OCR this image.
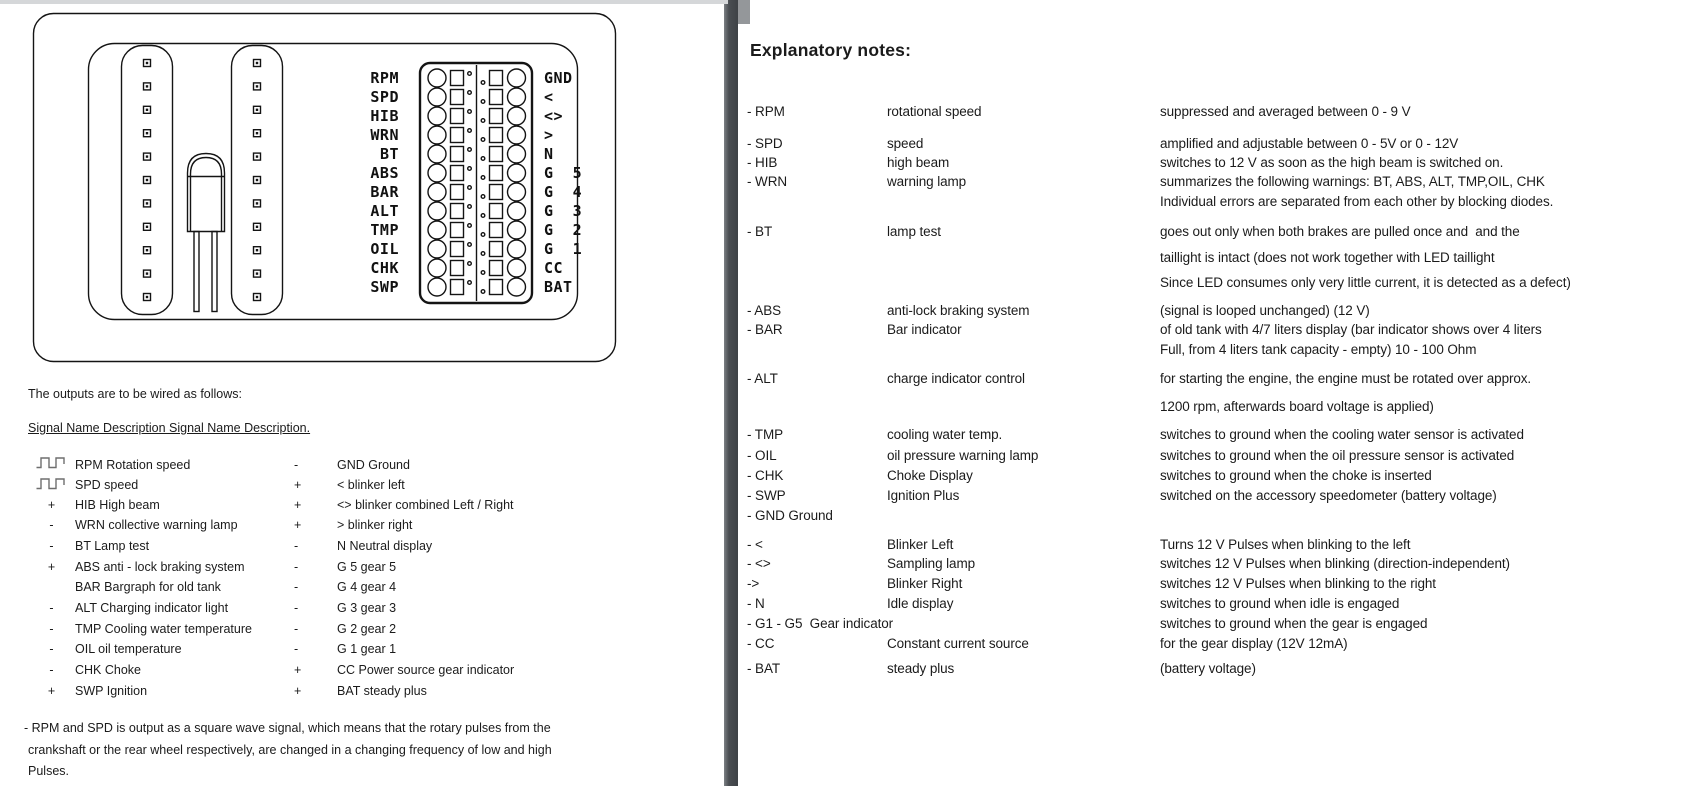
RPM	GND
SPD	<
HIB	<>
WRN	>
BT	N
ABS	G  5
BAR	G  4
ALT	G  3
TMP	G  2
OIL	G  1
CHK	CC
SWP	BAT
The outputs are to be wired as follows:
Signal Name Description Signal Name Description.
RPM Rotation speed	-	GND Ground
SPD speed	+	< blinker left
+ HIB High beam	+	<> blinker combined Left / Right
- WRN collective warning lamp	+	> blinker right
- BT Lamp test	-	N Neutral display
+ ABS anti - lock braking system	-	G 5 gear 5
BAR Bargraph for old tank	-	G 4 gear 4
- ALT Charging indicator light	-	G 3 gear 3
- TMP Cooling water temperature	-	G 2 gear 2
- OIL oil temperature	-	G 1 gear 1
- CHK Choke	+	CC Power source gear indicator
+ SWP Ignition	+	BAT steady plus
- RPM and SPD is output as a square wave signal, which means that the rotary pulses from the
crankshaft or the rear wheel respectively, are changed in a changing frequency of low and high
Pulses.
Explanatory notes:
- RPM	rotational speed	suppressed and averaged between 0 - 9 V
- SPD	speed	amplified and adjustable between 0 - 5V or 0 - 12V
- HIB	high beam	switches to 12 V as soon as the high beam is switched on.
- WRN	warning lamp	summarizes the following warnings: BT, ABS, ALT, TMP,OIL, CHK
Individual errors are separated from each other by blocking diodes.
- BT	lamp test	goes out only when both brakes are pulled once and  and the
taillight is intact (does not work together with LED taillight
Since LED consumes only very little current, it is detected as a defect)
- ABS	anti-lock braking system	(signal is looped unchanged) (12 V)
- BAR	Bar indicator	of old tank with 4/7 liters display (bar indicator shows over 4 liters
Full, from 4 liters tank capacity - empty) 10 - 100 Ohm
- ALT	charge indicator control	for starting the engine, the engine must be rotated over approx.
1200 rpm, afterwards board voltage is applied)
- TMP	cooling water temp.	switches to ground when the cooling water sensor is activated
- OIL	oil pressure warning lamp	switches to ground when the oil pressure sensor is activated
- CHK	Choke Display	switches to ground when the choke is inserted
- SWP	Ignition Plus	switched on the accessory speedometer (battery voltage)
- GND Ground
- <	Blinker Left	Turns 12 V Pulses when blinking to the left
- <>	Sampling lamp	switches 12 V Pulses when blinking (direction-independent)
->	Blinker Right	switches 12 V Pulses when blinking to the right
- N	Idle display	switches to ground when idle is engaged
- G1 - G5  Gear indicator	switches to ground when the gear is engaged
- CC	Constant current source	for the gear display (12V 12mA)
- BAT	steady plus	(battery voltage)
